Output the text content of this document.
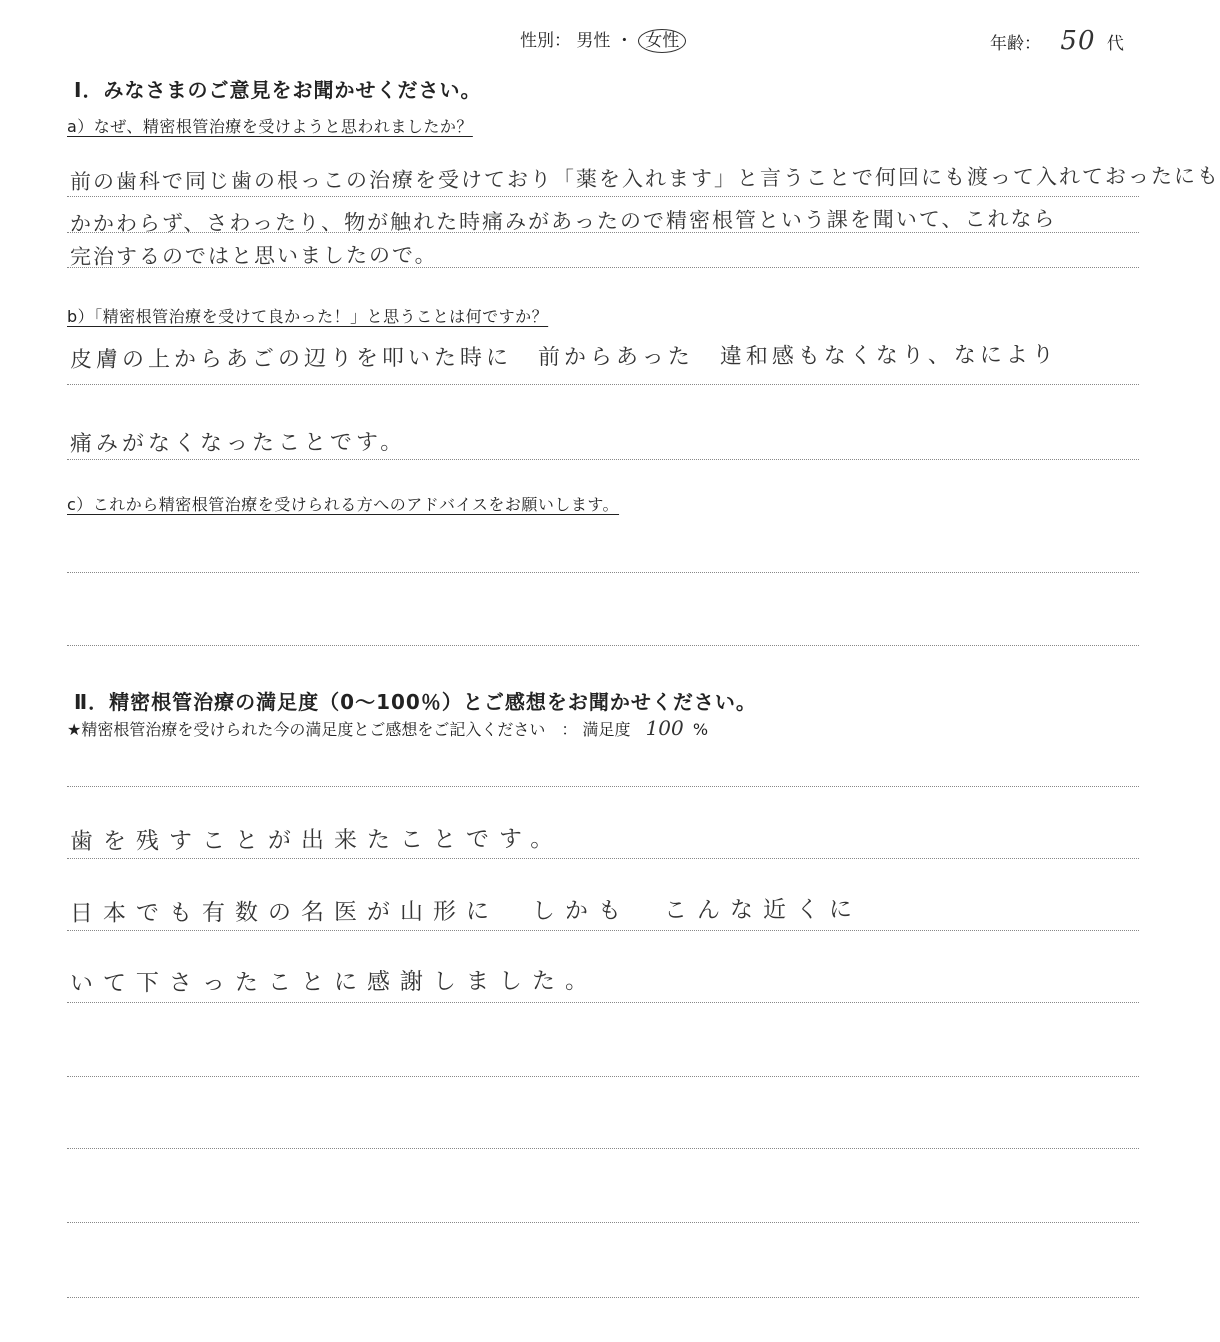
性別： 男性 ・ 女性	年齢： 50 代
Ⅰ．みなさまのご意見をお聞かせください。
a）なぜ、精密根管治療を受けようと思われましたか？
前の歯科で同じ歯の根っこの治療を受けており「薬を入れます」と言うことで何回にも渡って入れておったにも
かかわらず、さわったり、物が触れた時痛みがあったので精密根管という課を聞いて、これなら
完治するのではと思いましたので。
b）「精密根管治療を受けて良かった！」と思うことは何ですか？
皮膚の上からあごの辺りを叩いた時に　前からあった　違和感もなくなり、なにより
痛みがなくなったことです。
c）これから精密根管治療を受けられる方へのアドバイスをお願いします。
Ⅱ．精密根管治療の満足度（0～100％）とご感想をお聞かせください。
★精密根管治療を受けられた今の満足度とご感想をご記入ください　： 満足度 100 %
歯を残すことが出来たことです。
日本でも有数の名医が山形に　しかも　こんな近くに
いて下さったことに感謝しました。
